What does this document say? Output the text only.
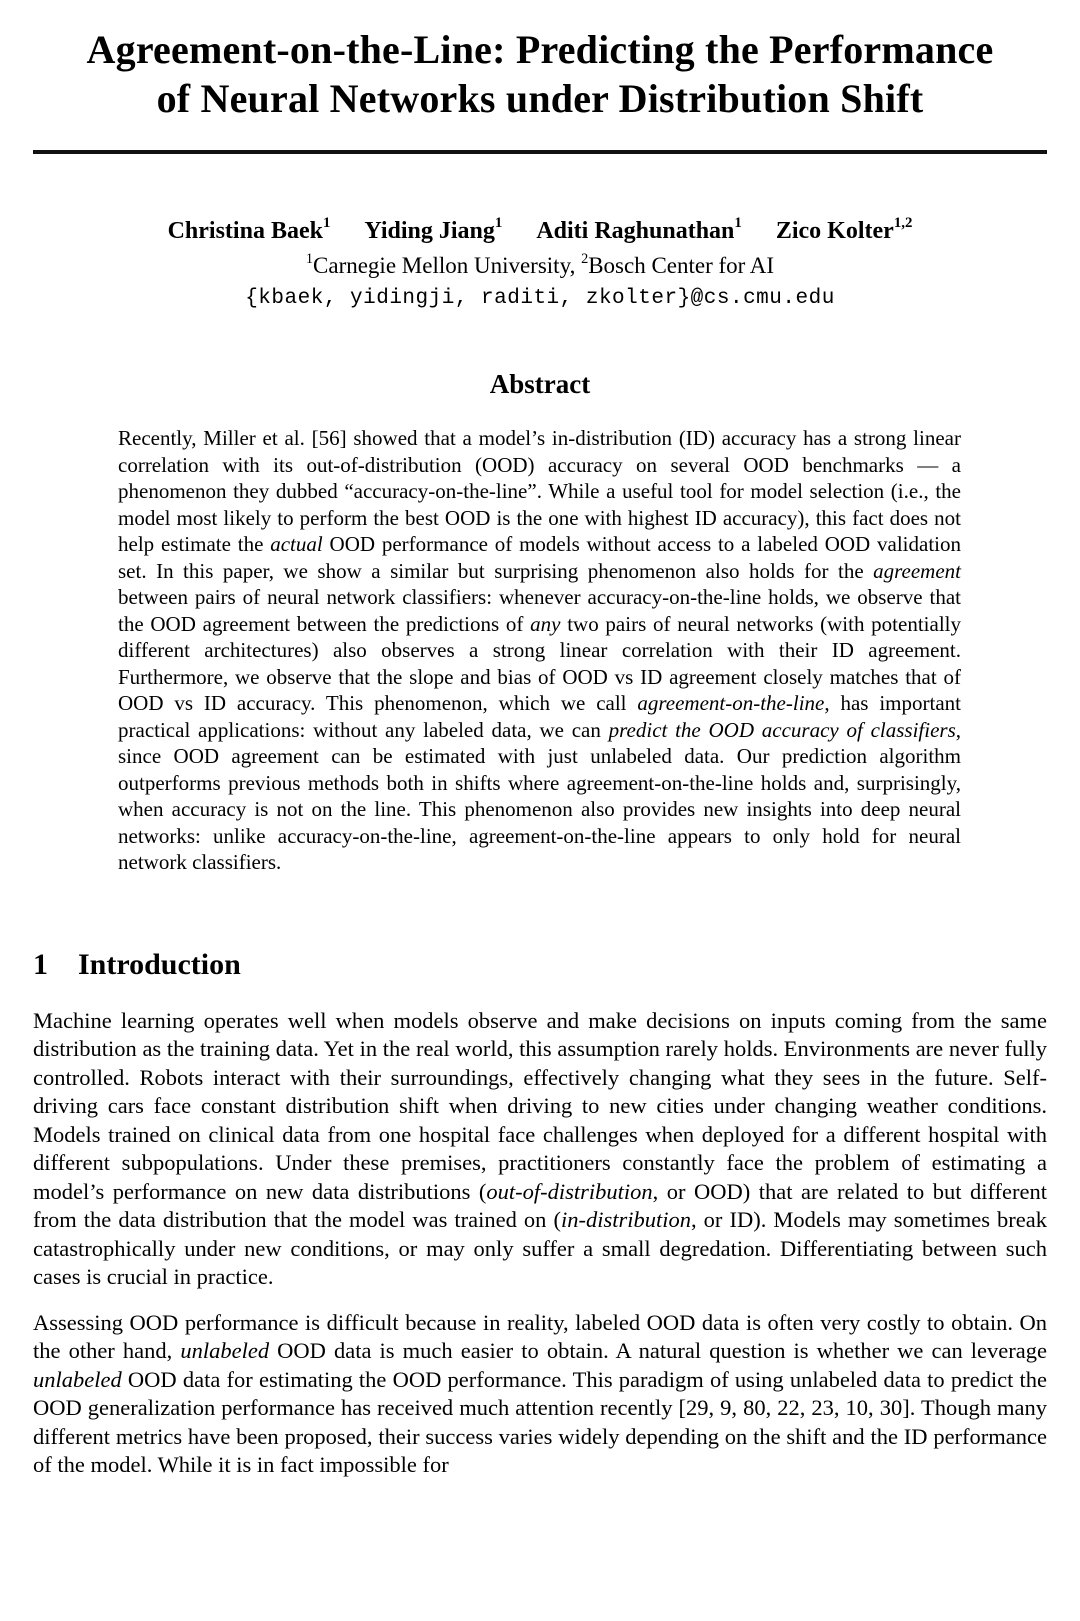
Agreement-on-the-Line: Predicting the Performance
of Neural Networks under Distribution Shift
Christina Baek$^1$ Yiding Jiang$^1$ Aditi Raghunathan$^1$ Zico Kolter$^{1,2}$
$^1$Carnegie Mellon University, $^2$Bosch Center for AI
{kbaek, yidingji, raditi, zkolter}@cs.cmu.edu
Abstract

Recently, Miller et al. [56] showed that a model’s in-distribution (ID) accuracy has a strong linear correlation with its out-of-distribution (OOD) accuracy on several OOD benchmarks — a phenomenon they dubbed “accuracy-on-the-line”. While a useful tool for model selection (i.e., the model most likely to perform the best OOD is the one with highest ID accuracy), this fact does not help estimate the actual OOD performance of models without access to a labeled OOD validation set. In this paper, we show a similar but surprising phenomenon also holds for the agreement between pairs of neural network classifiers: whenever accuracy-on-the-line holds, we observe that the OOD agreement between the predictions of any two pairs of neural networks (with potentially different architectures) also observes a strong linear correlation with their ID agreement. Furthermore, we observe that the slope and bias of OOD vs ID agreement closely matches that of OOD vs ID accuracy. This phenomenon, which we call agreement-on-the-line, has important practical applications: without any labeled data, we can predict the OOD accuracy of classifiers, since OOD agreement can be estimated with just unlabeled data. Our prediction algorithm outperforms previous methods both in shifts where agreement-on-the-line holds and, surprisingly, when accuracy is not on the line. This phenomenon also provides new insights into deep neural networks: unlike accuracy-on-the-line, agreement-on-the-line appears to only hold for neural network classifiers.

1 Introduction

Machine learning operates well when models observe and make decisions on inputs coming from the same distribution as the training data. Yet in the real world, this assumption rarely holds. Environments are never fully controlled. Robots interact with their surroundings, effectively changing what they sees in the future. Self-driving cars face constant distribution shift when driving to new cities under changing weather conditions. Models trained on clinical data from one hospital face challenges when deployed for a different hospital with different subpopulations. Under these premises, practitioners constantly face the problem of estimating a model’s performance on new data distributions (out-of-distribution, or OOD) that are related to but different from the data distribution that the model was trained on (in-distribution, or ID). Models may sometimes break catastrophically under new conditions, or may only suffer a small degredation. Differentiating between such cases is crucial in practice.

Assessing OOD performance is difficult because in reality, labeled OOD data is often very costly to obtain. On the other hand, unlabeled OOD data is much easier to obtain. A natural question is whether we can leverage unlabeled OOD data for estimating the OOD performance. This paradigm of using unlabeled data to predict the OOD generalization performance has received much attention recently [29, 9, 80, 22, 23, 10, 30]. Though many different metrics have been proposed, their success varies widely depending on the shift and the ID performance of the model. While it is in fact impossible for
